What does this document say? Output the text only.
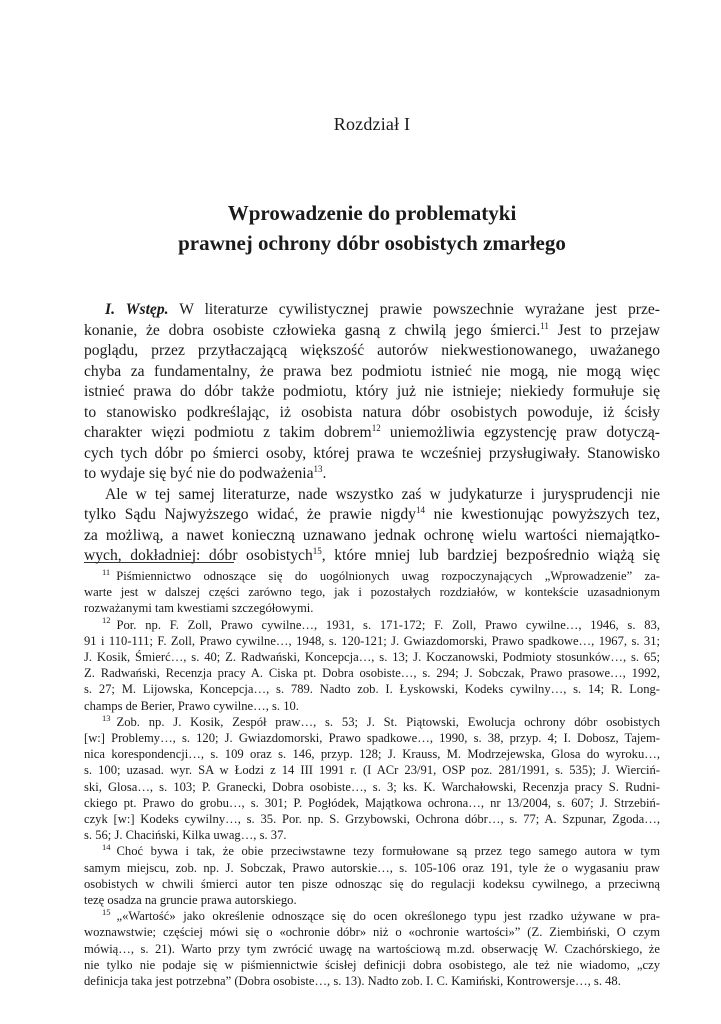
Rozdział I
Wprowadzenie do problematyki
prawnej ochrony dóbr osobistych zmarłego
I. Wstęp. W literaturze cywilistycznej prawie powszechnie wyrażane jest prze-
konanie, że dobra osobiste człowieka gasną z chwilą jego śmierci.$^{11}$ Jest to przejaw
poglądu, przez przytłaczającą większość autorów niekwestionowanego, uważanego
chyba za fundamentalny, że prawa bez podmiotu istnieć nie mogą, nie mogą więc
istnieć prawa do dóbr także podmiotu, który już nie istnieje; niekiedy formułuje się
to stanowisko podkreślając, iż osobista natura dóbr osobistych powoduje, iż ścisły
charakter więzi podmiotu z takim dobrem$^{12}$ uniemożliwia egzystencję praw dotyczą-
cych tych dóbr po śmierci osoby, której prawa te wcześniej przysługiwały. Stanowisko
to wydaje się być nie do podważenia$^{13}$.
Ale w tej samej literaturze, nade wszystko zaś w judykaturze i jurysprudencji nie
tylko Sądu Najwyższego widać, że prawie nigdy$^{14}$ nie kwestionując powyższych tez,
za możliwą, a nawet konieczną uznawano jednak ochronę wielu wartości niemajątko-
wych, dokładniej: dóbr osobistych$^{15}$, które mniej lub bardziej bezpośrednio wiążą się
$^{11}$ Piśmiennictwo odnoszące się do uogólnionych uwag rozpoczynających „Wprowadzenie” za-
warte jest w dalszej części zarówno tego, jak i pozostałych rozdziałów, w kontekście uzasadnionym
rozważanymi tam kwestiami szczegółowymi.
$^{12}$ Por. np. F. Zoll, Prawo cywilne…, 1931, s. 171-172; F. Zoll, Prawo cywilne…, 1946, s. 83,
91 i 110-111; F. Zoll, Prawo cywilne…, 1948, s. 120-121; J. Gwiazdomorski, Prawo spadkowe…, 1967, s. 31;
J. Kosik, Śmierć…, s. 40; Z. Radwański, Koncepcja…, s. 13; J. Koczanowski, Podmioty stosunków…, s. 65;
Z. Radwański, Recenzja pracy A. Ciska pt. Dobra osobiste…, s. 294; J. Sobczak, Prawo prasowe…, 1992,
s. 27; M. Lijowska, Koncepcja…, s. 789. Nadto zob. I. Łyskowski, Kodeks cywilny…, s. 14; R. Long-
champs de Berier, Prawo cywilne…, s. 10.
$^{13}$ Zob. np. J. Kosik, Zespół praw…, s. 53; J. St. Piątowski, Ewolucja ochrony dóbr osobistych
[w:] Problemy…, s. 120; J. Gwiazdomorski, Prawo spadkowe…, 1990, s. 38, przyp. 4; I. Dobosz, Tajem-
nica korespondencji…, s. 109 oraz s. 146, przyp. 128; J. Krauss, M. Modrzejewska, Glosa do wyroku…,
s. 100; uzasad. wyr. SA w Łodzi z 14 III 1991 r. (I ACr 23/91, OSP poz. 281/1991, s. 535); J. Wierciń-
ski, Glosa…, s. 103; P. Granecki, Dobra osobiste…, s. 3; ks. K. Warchałowski, Recenzja pracy S. Rudni-
ckiego pt. Prawo do grobu…, s. 301; P. Pogłódek, Majątkowa ochrona…, nr 13/2004, s. 607; J. Strzebiń-
czyk [w:] Kodeks cywilny…, s. 35. Por. np. S. Grzybowski, Ochrona dóbr…, s. 77; A. Szpunar, Zgoda…,
s. 56; J. Chaciński, Kilka uwag…, s. 37.
$^{14}$ Choć bywa i tak, że obie przeciwstawne tezy formułowane są przez tego samego autora w tym
samym miejscu, zob. np. J. Sobczak, Prawo autorskie…, s. 105-106 oraz 191, tyle że o wygasaniu praw
osobistych w chwili śmierci autor ten pisze odnosząc się do regulacji kodeksu cywilnego, a przeciwną
tezę osadza na gruncie prawa autorskiego.
$^{15}$ „«Wartość» jako określenie odnoszące się do ocen określonego typu jest rzadko używane w pra-
woznawstwie; częściej mówi się o «ochronie dóbr» niż o «ochronie wartości»” (Z. Ziembiński, O czym
mówią…, s. 21). Warto przy tym zwrócić uwagę na wartościową m.zd. obserwację W. Czachórskiego, że
nie tylko nie podaje się w piśmiennictwie ścisłej definicji dobra osobistego, ale też nie wiadomo, „czy
definicja taka jest potrzebna” (Dobra osobiste…, s. 13). Nadto zob. I. C. Kamiński, Kontrowersje…, s. 48.
